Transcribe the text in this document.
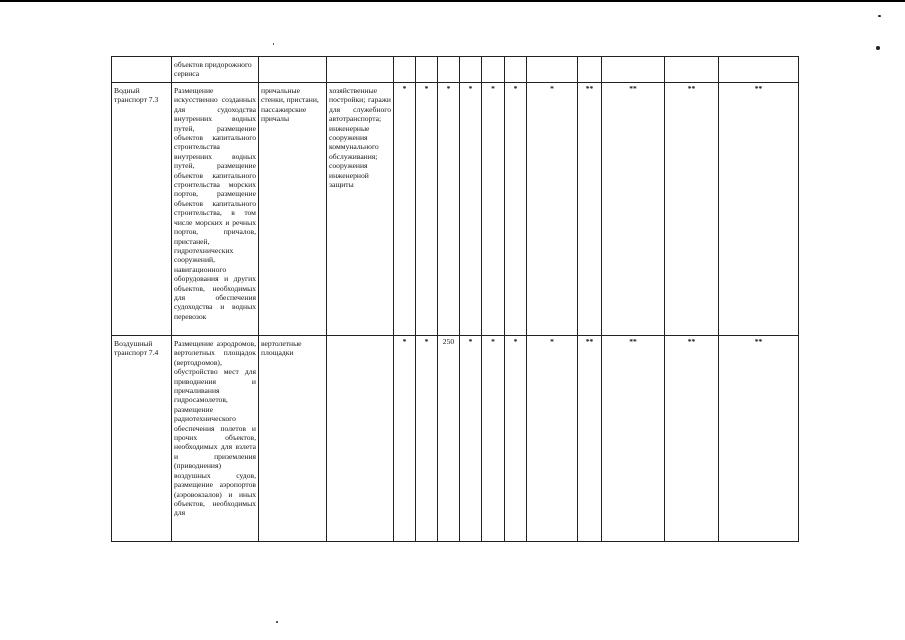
	объектов придорожного сервиса													

Водный транспорт 7.3	Размещение искусственно созданных для судоходства внутренних водных путей, размещение объектов капитального строительства внутренних водных путей, размещение объектов капитального строительства морских портов, размещение объектов капитального строительства, в том числе морских и речных портов, причалов, пристаней, гидротехнических сооружений, навигационного оборудования и других объектов, необходимых для обеспечения судоходства и водных перевозок	причальные стенки, пристани, пассажирские причалы	хозяйственные постройки; гаражи для служебного автотранспорта; инженерные сооружения коммунального обслуживания; сооружения инженерной защиты	*	*	*	*	*	*	*	**	**	**	**

Воздушный транспорт 7.4	Размещение аэродромов, вертолетных площадок (вертодромов), обустройство мест для приводнения и причаливания гидросамолетов, размещение радиотехнического обеспечения полетов и прочих объектов, необходимых для взлета и приземления (приводнения) воздушных судов, размещение аэропортов (аэровокзалов) и иных объектов, необходимых для	вертолетные площадки		*	*	250	*	*	*	*	**	**	**	**
